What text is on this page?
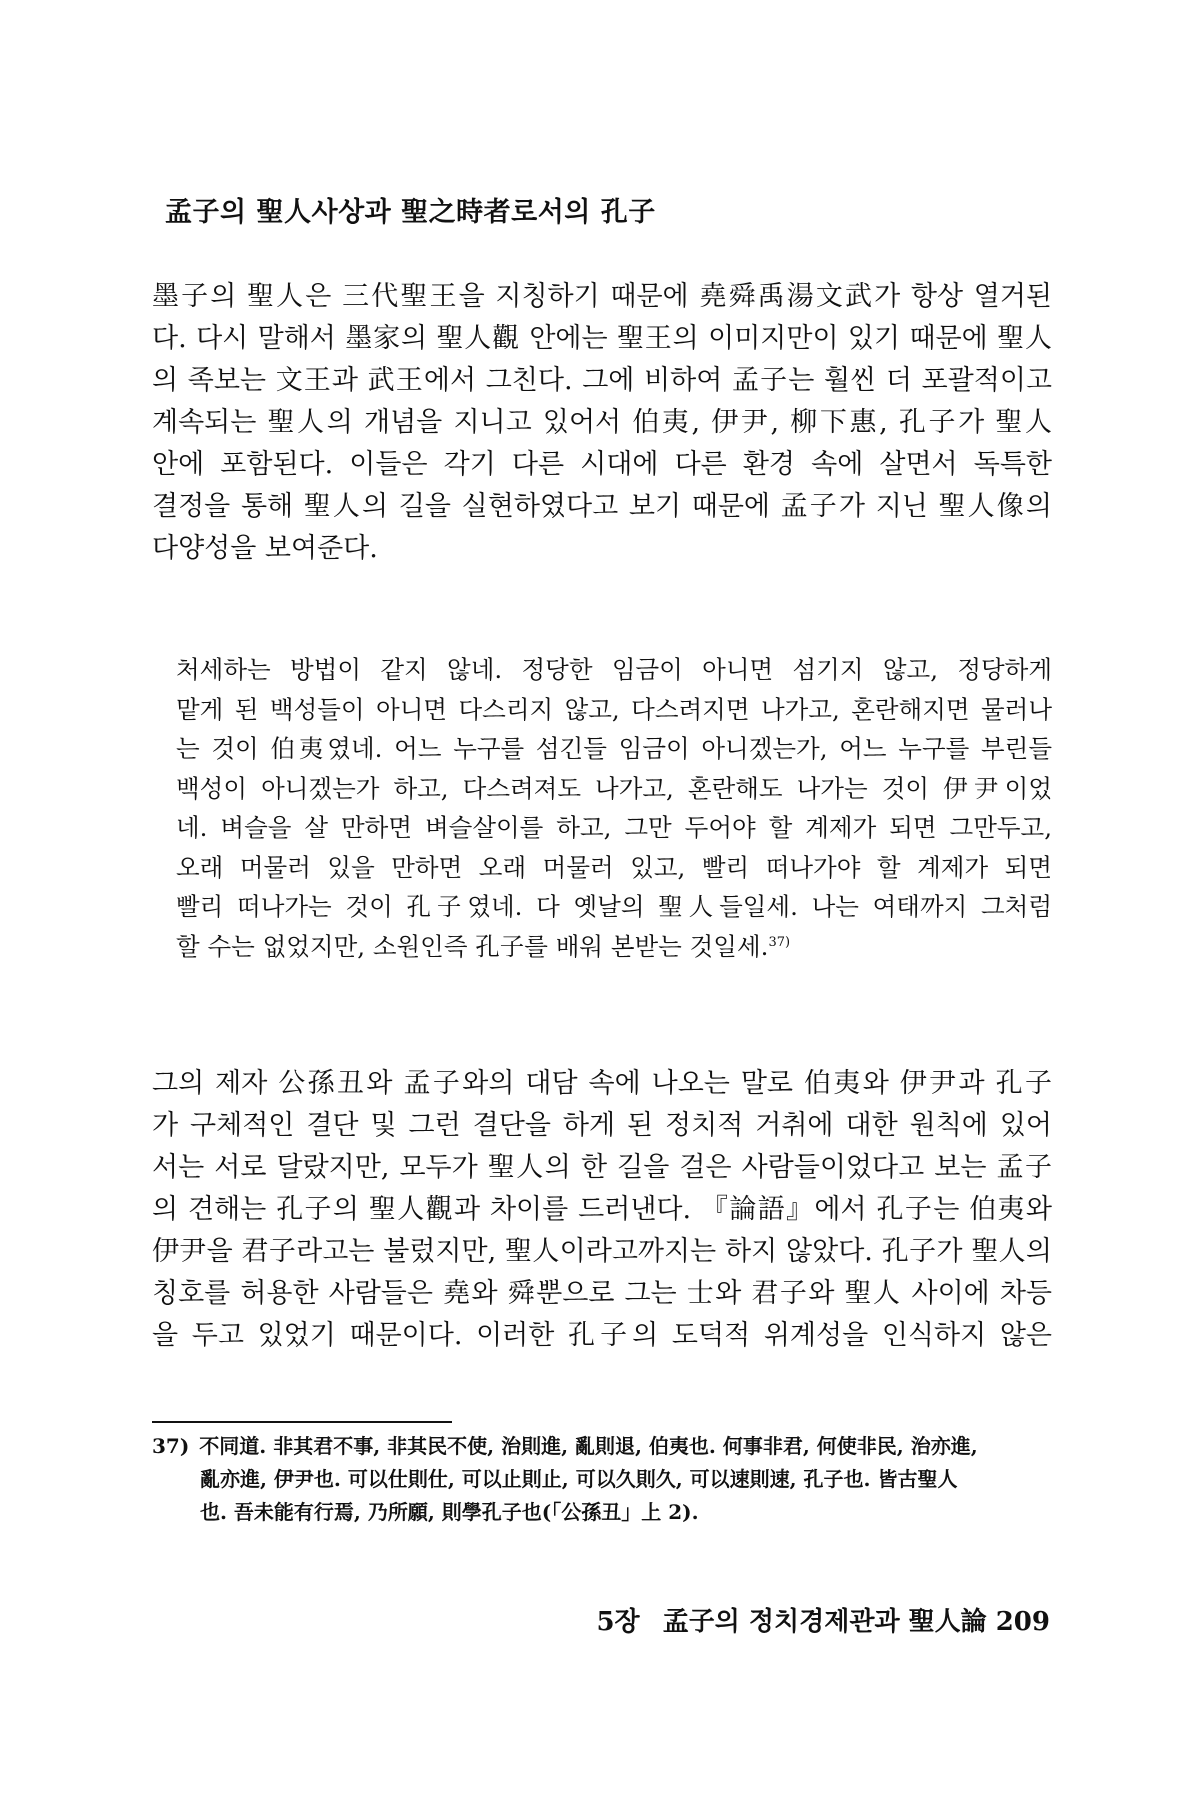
孟子의 聖人사상과 聖之時者로서의 孔子
墨子의 聖人은 三代聖王을 지칭하기 때문에 堯舜禹湯文武가 항상 열거된
다. 다시 말해서 墨家의 聖人觀 안에는 聖王의 이미지만이 있기 때문에 聖人
의 족보는 文王과 武王에서 그친다. 그에 비하여 孟子는 훨씬 더 포괄적이고
계속되는 聖人의 개념을 지니고 있어서 伯夷, 伊尹, 柳下惠, 孔子가 聖人
안에 포함된다. 이들은 각기 다른 시대에 다른 환경 속에 살면서 독특한
결정을 통해 聖人의 길을 실현하였다고 보기 때문에 孟子가 지닌 聖人像의
다양성을 보여준다.
처세하는 방법이 같지 않네. 정당한 임금이 아니면 섬기지 않고, 정당하게
맡게 된 백성들이 아니면 다스리지 않고, 다스려지면 나가고, 혼란해지면 물러나
는 것이 伯夷였네. 어느 누구를 섬긴들 임금이 아니겠는가, 어느 누구를 부린들
백성이 아니겠는가 하고, 다스려져도 나가고, 혼란해도 나가는 것이 伊尹이었
네. 벼슬을 살 만하면 벼슬살이를 하고, 그만 두어야 할 계제가 되면 그만두고,
오래 머물러 있을 만하면 오래 머물러 있고, 빨리 떠나가야 할 계제가 되면
빨리 떠나가는 것이 孔子였네. 다 옛날의 聖人들일세. 나는 여태까지 그처럼
할 수는 없었지만, 소원인즉 孔子를 배워 본받는 것일세.$^{37)}$
그의 제자 公孫丑와 孟子와의 대담 속에 나오는 말로 伯夷와 伊尹과 孔子
가 구체적인 결단 및 그런 결단을 하게 된 정치적 거취에 대한 원칙에 있어
서는 서로 달랐지만, 모두가 聖人의 한 길을 걸은 사람들이었다고 보는 孟子
의 견해는 孔子의 聖人觀과 차이를 드러낸다. 『論語』에서 孔子는 伯夷와
伊尹을 君子라고는 불렀지만, 聖人이라고까지는 하지 않았다. 孔子가 聖人의
칭호를 허용한 사람들은 堯와 舜뿐으로 그는 士와 君子와 聖人 사이에 차등
을 두고 있었기 때문이다. 이러한 孔子의 도덕적 위계성을 인식하지 않은
37) 不同道. 非其君不事, 非其民不使, 治則進, 亂則退, 伯夷也. 何事非君, 何使非民, 治亦進,
亂亦進, 伊尹也. 可以仕則仕, 可以止則止, 可以久則久, 可以速則速, 孔子也. 皆古聖人
也. 吾未能有行焉, 乃所願, 則學孔子也(「公孫丑」上 2).
5장 孟子의 정치경제관과 聖人論 209
